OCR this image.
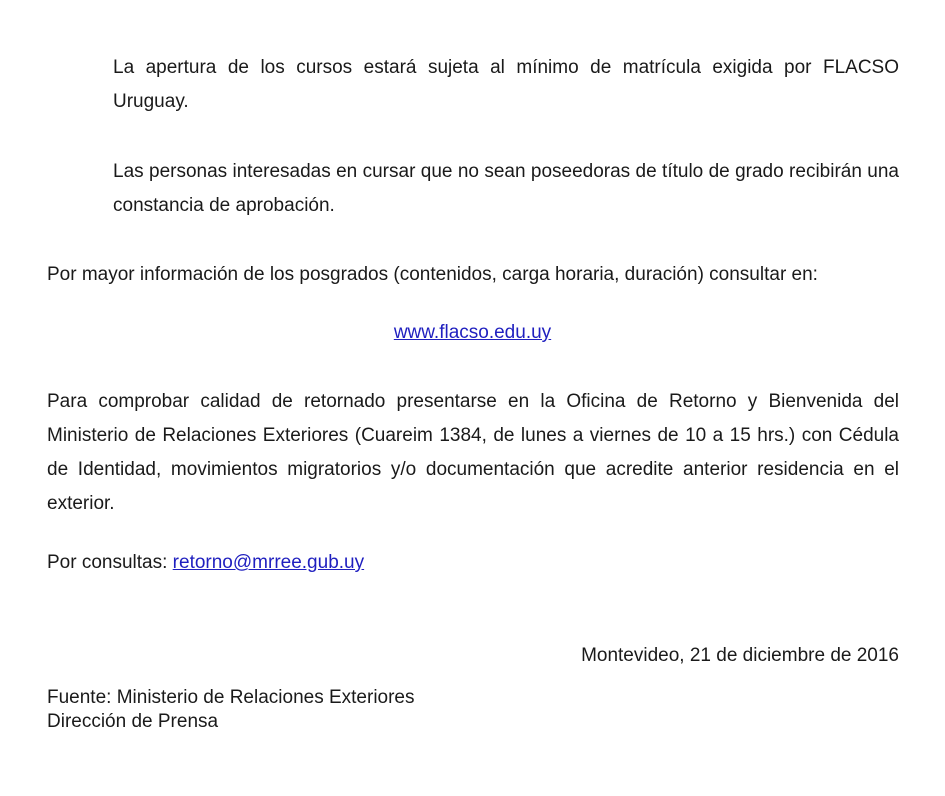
La apertura de los cursos estará sujeta al mínimo de matrícula exigida por FLACSO Uruguay.
Las personas interesadas en cursar que no sean poseedoras de título de grado recibirán una constancia de aprobación.
Por mayor información de los posgrados (contenidos, carga horaria, duración) consultar en:
www.flacso.edu.uy
Para comprobar calidad de retornado presentarse en la Oficina de Retorno y Bienvenida del Ministerio de Relaciones Exteriores (Cuareim 1384, de lunes a viernes de 10 a 15 hrs.) con Cédula de Identidad, movimientos migratorios y/o documentación que acredite anterior residencia en el exterior.
Por consultas: retorno@mrree.gub.uy
Montevideo, 21 de diciembre de 2016
Fuente: Ministerio de Relaciones Exteriores
Dirección de Prensa
